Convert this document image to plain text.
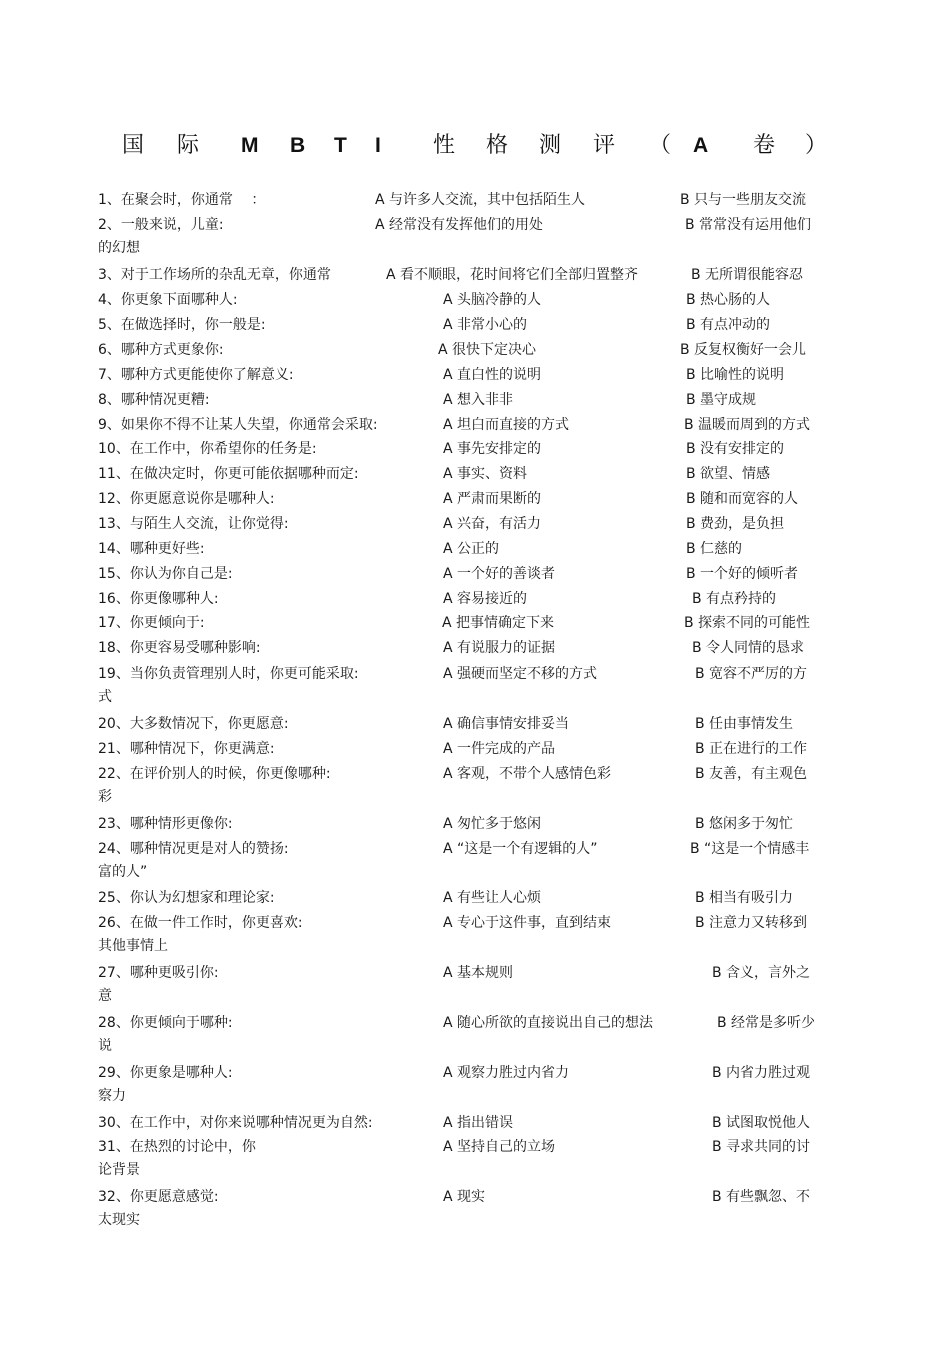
国 际 M B T I 性 格 测 评 （ A 卷 ）
1、在聚会时，你通常　 ：	A 与许多人交流，其中包括陌生人	B 只与一些朋友交流
2、一般来说，儿童:	A 经常没有发挥他们的用处	B 常常没有运用他们
的幻想
3、对于工作场所的杂乱无章，你通常	A 看不顺眼，花时间将它们全部归置整齐	B 无所谓很能容忍
4、你更象下面哪种人:	A 头脑冷静的人	B 热心肠的人
5、在做选择时，你一般是:	A 非常小心的	B 有点冲动的
6、哪种方式更象你:	A 很快下定决心	B 反复权衡好一会儿
7、哪种方式更能使你了解意义:	A 直白性的说明	B 比喻性的说明
8、哪种情况更糟:	A 想入非非	B 墨守成规
9、如果你不得不让某人失望，你通常会采取:	A 坦白而直接的方式	B 温暖而周到的方式
10、在工作中，你希望你的任务是:	A 事先安排定的	B 没有安排定的
11、在做决定时，你更可能依据哪种而定:	A 事实、资料	B 欲望、情感
12、你更愿意说你是哪种人:	A 严肃而果断的	B 随和而宽容的人
13、与陌生人交流，让你觉得:	A 兴奋，有活力	B 费劲，是负担
14、哪种更好些:	A 公正的	B 仁慈的
15、你认为你自己是:	A 一个好的善谈者	B 一个好的倾听者
16、你更像哪种人:	A 容易接近的	B 有点矜持的
17、你更倾向于:	A 把事情确定下来	B 探索不同的可能性
18、你更容易受哪种影响:	A 有说服力的证据	B 令人同情的恳求
19、当你负责管理别人时，你更可能采取:	A 强硬而坚定不移的方式	B 宽容不严厉的方
式
20、大多数情况下，你更愿意:	A 确信事情安排妥当	B 任由事情发生
21、哪种情况下，你更满意:	A 一件完成的产品	B 正在进行的工作
22、在评价别人的时候，你更像哪种:	A 客观，不带个人感情色彩	B 友善，有主观色
彩
23、哪种情形更像你:	A 匆忙多于悠闲	B 悠闲多于匆忙
24、哪种情况更是对人的赞扬:	A “这是一个有逻辑的人”	B “这是一个情感丰
富的人”
25、你认为幻想家和理论家:	A 有些让人心烦	B 相当有吸引力
26、在做一件工作时，你更喜欢:	A 专心于这件事，直到结束	B 注意力又转移到
其他事情上
27、哪种更吸引你:	A 基本规则	B 含义，言外之
意
28、你更倾向于哪种:	A 随心所欲的直接说出自己的想法	B 经常是多听少
说
29、你更象是哪种人:	A 观察力胜过内省力	B 内省力胜过观
察力
30、在工作中，对你来说哪种情况更为自然:	A 指出错误	B 试图取悦他人
31、在热烈的讨论中，你	A 坚持自己的立场	B 寻求共同的讨
论背景
32、你更愿意感觉:	A 现实	B 有些飘忽、不
太现实
